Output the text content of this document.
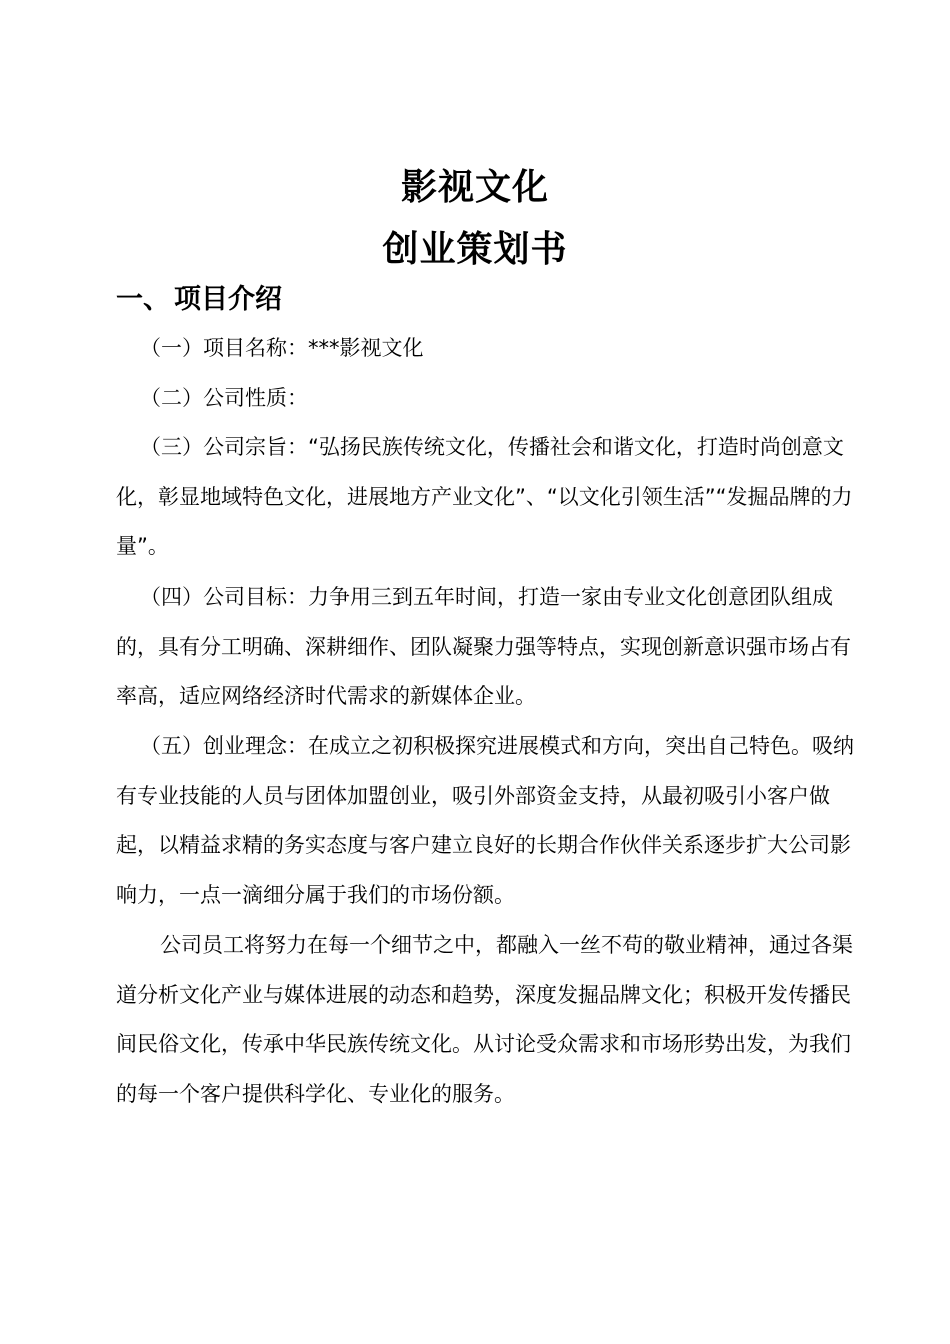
影视文化
创业策划书
一、 项目介绍
（一）项目名称：***影视文化
（二）公司性质：
（三）公司宗旨：“弘扬民族传统文化，传播社会和谐文化，打造时尚创意文化，彰显地域特色文化，进展地方产业文化”、“以文化引领生活”“发掘品牌的力量”。
（四）公司目标：力争用三到五年时间，打造一家由专业文化创意团队组成的，具有分工明确、深耕细作、团队凝聚力强等特点，实现创新意识强市场占有率高，适应网络经济时代需求的新媒体企业。
（五）创业理念：在成立之初积极探究进展模式和方向，突出自己特色。吸纳有专业技能的人员与团体加盟创业，吸引外部资金支持，从最初吸引小客户做起，以精益求精的务实态度与客户建立良好的长期合作伙伴关系逐步扩大公司影响力，一点一滴细分属于我们的市场份额。
公司员工将努力在每一个细节之中，都融入一丝不苟的敬业精神，通过各渠道分析文化产业与媒体进展的动态和趋势，深度发掘品牌文化；积极开发传播民间民俗文化，传承中华民族传统文化。从讨论受众需求和市场形势出发，为我们的每一个客户提供科学化、专业化的服务。
